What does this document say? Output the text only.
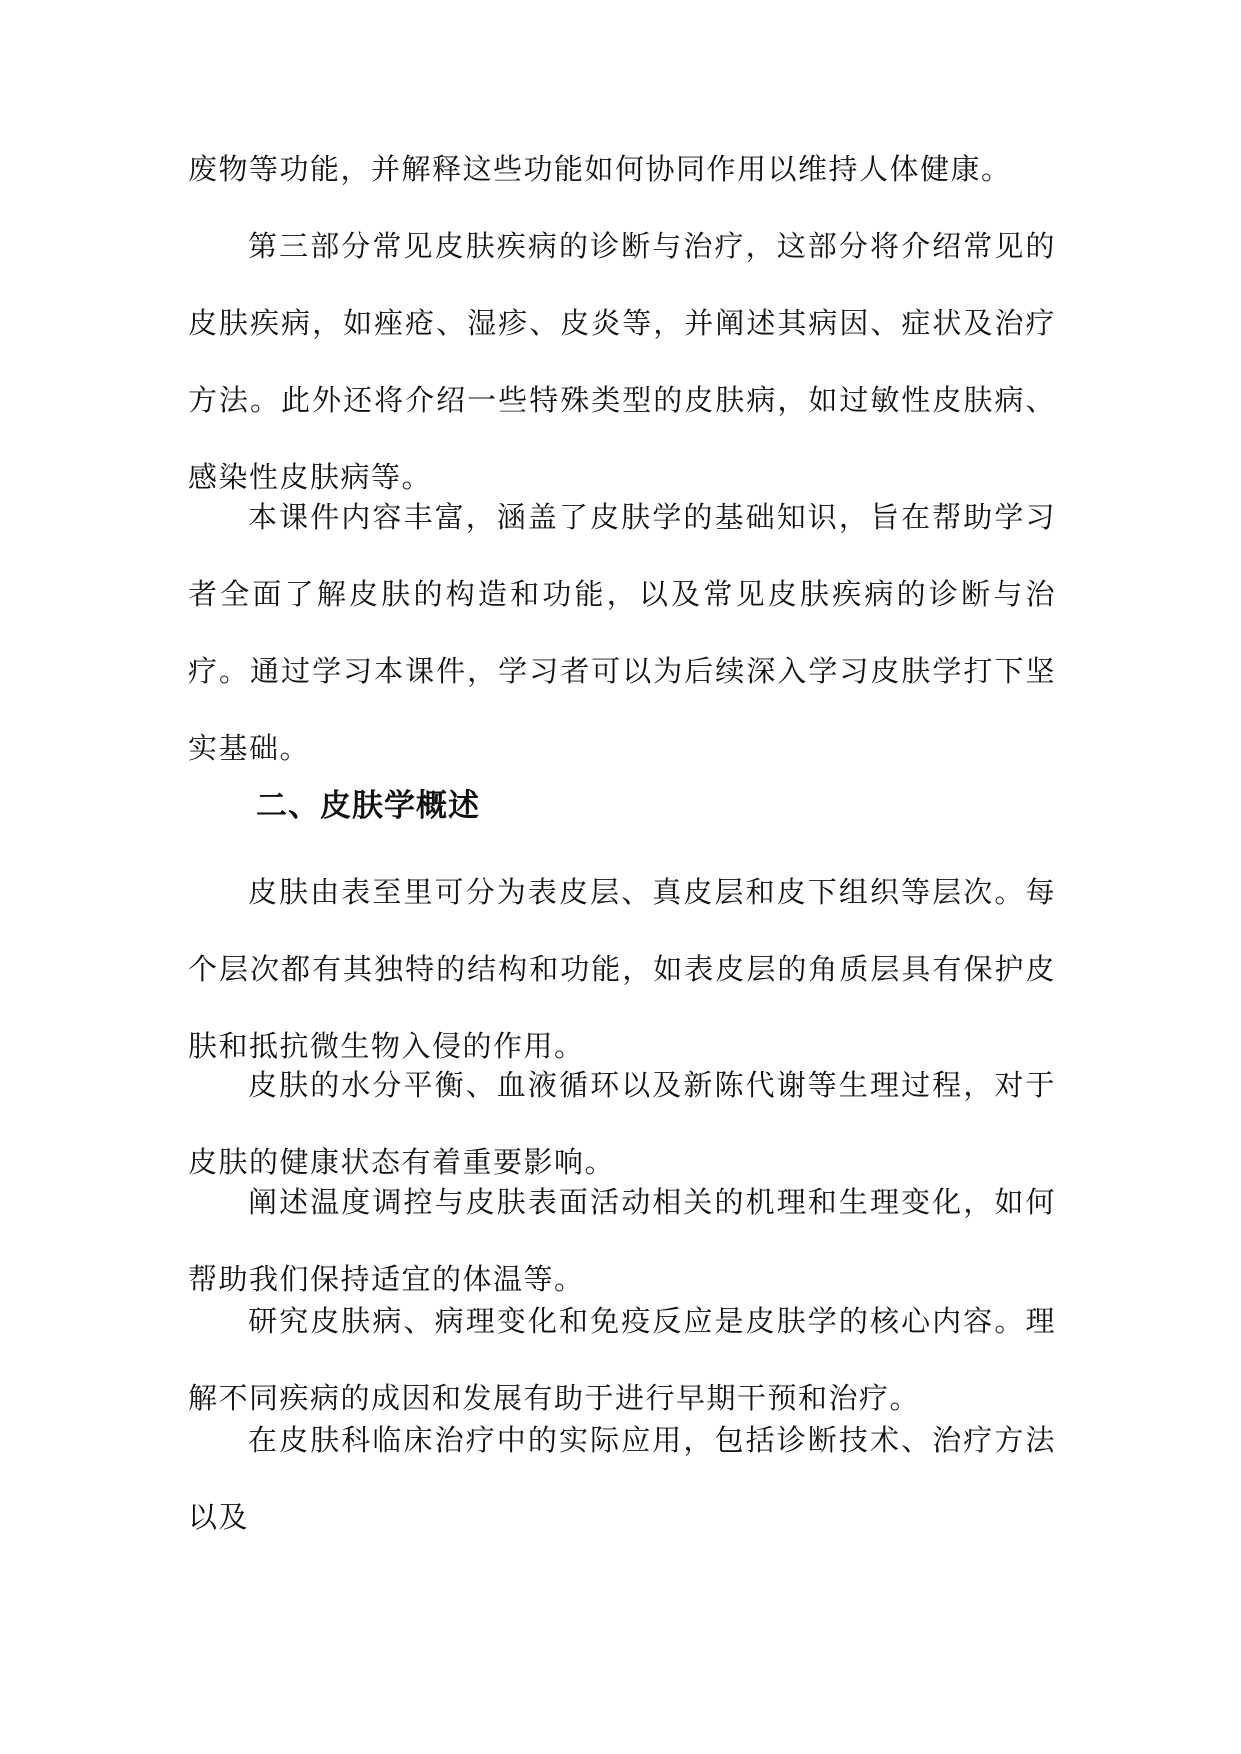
废物等功能，并解释这些功能如何协同作用以维持人体健康。

第三部分常见皮肤疾病的诊断与治疗，这部分将介绍常见的皮肤疾病，如痤疮、湿疹、皮炎等，并阐述其病因、症状及治疗方法。此外还将介绍一些特殊类型的皮肤病，如过敏性皮肤病、感染性皮肤病等。

本课件内容丰富，涵盖了皮肤学的基础知识，旨在帮助学习者全面了解皮肤的构造和功能，以及常见皮肤疾病的诊断与治疗。通过学习本课件，学习者可以为后续深入学习皮肤学打下坚实基础。

二、皮肤学概述

皮肤由表至里可分为表皮层、真皮层和皮下组织等层次。每个层次都有其独特的结构和功能，如表皮层的角质层具有保护皮肤和抵抗微生物入侵的作用。

皮肤的水分平衡、血液循环以及新陈代谢等生理过程，对于皮肤的健康状态有着重要影响。

阐述温度调控与皮肤表面活动相关的机理和生理变化，如何帮助我们保持适宜的体温等。

研究皮肤病、病理变化和免疫反应是皮肤学的核心内容。理解不同疾病的成因和发展有助于进行早期干预和治疗。

在皮肤科临床治疗中的实际应用，包括诊断技术、治疗方法以及
